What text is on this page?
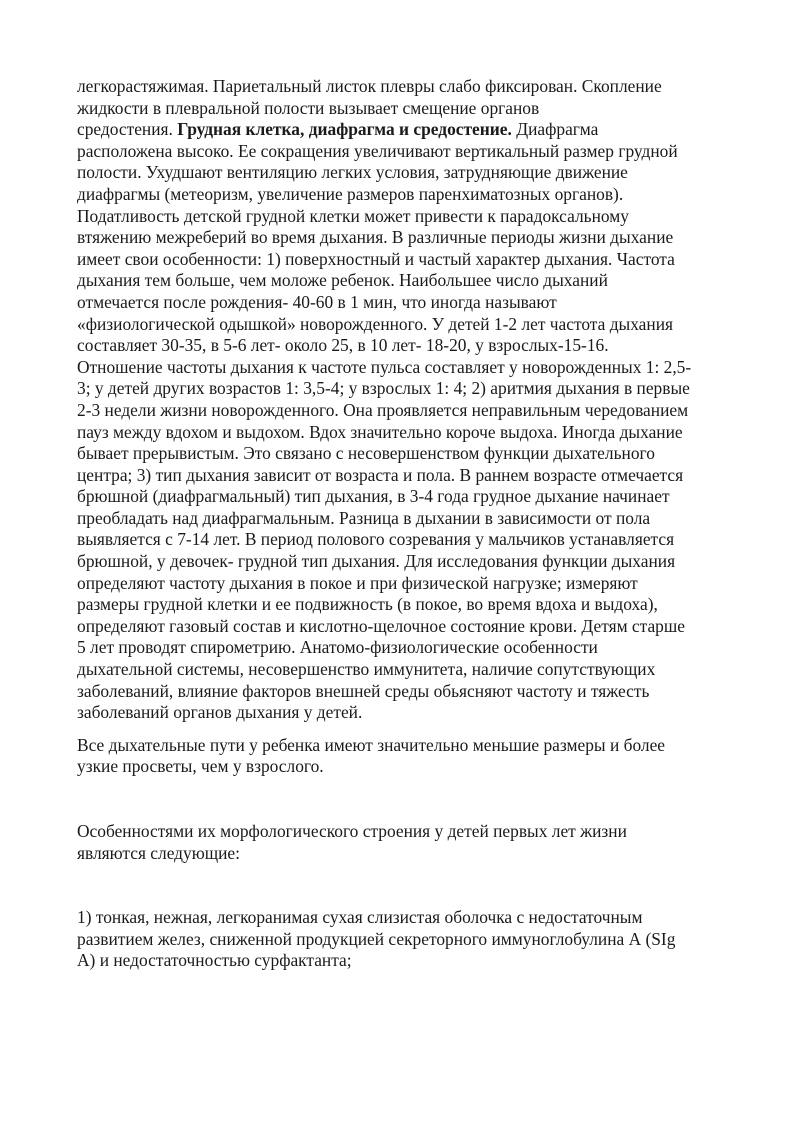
легкорастяжимая. Париетальный листок плевры слабо фиксирован. Скопление
жидкости в плевральной полости вызывает смещение органов
средостения. Грудная клетка, диафрагма и средостение. Диафрагма
расположена высоко. Ее сокращения увеличивают вертикальный размер грудной
полости. Ухудшают вентиляцию легких условия, затрудняющие движение
диафрагмы (метеоризм, увеличение размеров паренхиматозных органов).
Податливость детской грудной клетки может привести к парадоксальному
втяжению межреберий во время дыхания. В различные периоды жизни дыхание
имеет свои особенности: 1) поверхностный и частый характер дыхания. Частота
дыхания тем больше, чем моложе ребенок. Наибольшее число дыханий
отмечается после рождения- 40-60 в 1 мин, что иногда называют
«физиологической одышкой» новорожденного. У детей 1-2 лет частота дыхания
составляет 30-35, в 5-6 лет- около 25, в 10 лет- 18-20, у взрослых-15-16.
Отношение частоты дыхания к частоте пульса составляет у новорожденных 1: 2,5-
3; у детей других возрастов 1: 3,5-4; у взрослых 1: 4; 2) аритмия дыхания в первые
2-3 недели жизни новорожденного. Она проявляется неправильным чередованием
пауз между вдохом и выдохом. Вдох значительно короче выдоха. Иногда дыхание
бывает прерывистым. Это связано с несовершенством функции дыхательного
центра; 3) тип дыхания зависит от возраста и пола. В раннем возрасте отмечается
брюшной (диафрагмальный) тип дыхания, в 3-4 года грудное дыхание начинает
преобладать над диафрагмальным. Разница в дыхании в зависимости от пола
выявляется с 7-14 лет. В период полового созревания у мальчиков устанавляется
брюшной, у девочек- грудной тип дыхания. Для исследования функции дыхания
определяют частоту дыхания в покое и при физической нагрузке; измеряют
размеры грудной клетки и ее подвижность (в покое, во время вдоха и выдоха),
определяют газовый состав и кислотно-щелочное состояние крови. Детям старше
5 лет проводят спирометрию. Анатомо-физиологические особенности
дыхательной системы, несовершенство иммунитета, наличие сопутствующих
заболеваний, влияние факторов внешней среды обьясняют частоту и тяжесть
заболеваний органов дыхания у детей.

Все дыхательные пути у ребенка имеют значительно меньшие размеры и более
узкие просветы, чем у взрослого.

Особенностями их морфологического строения у детей первых лет жизни
являются следующие:

1) тонкая, нежная, легкоранимая сухая слизистая оболочка с недостаточным
развитием желез, сниженной продукцией секреторного иммуноглобулина А (SIg
А) и недостаточностью сурфактанта;
